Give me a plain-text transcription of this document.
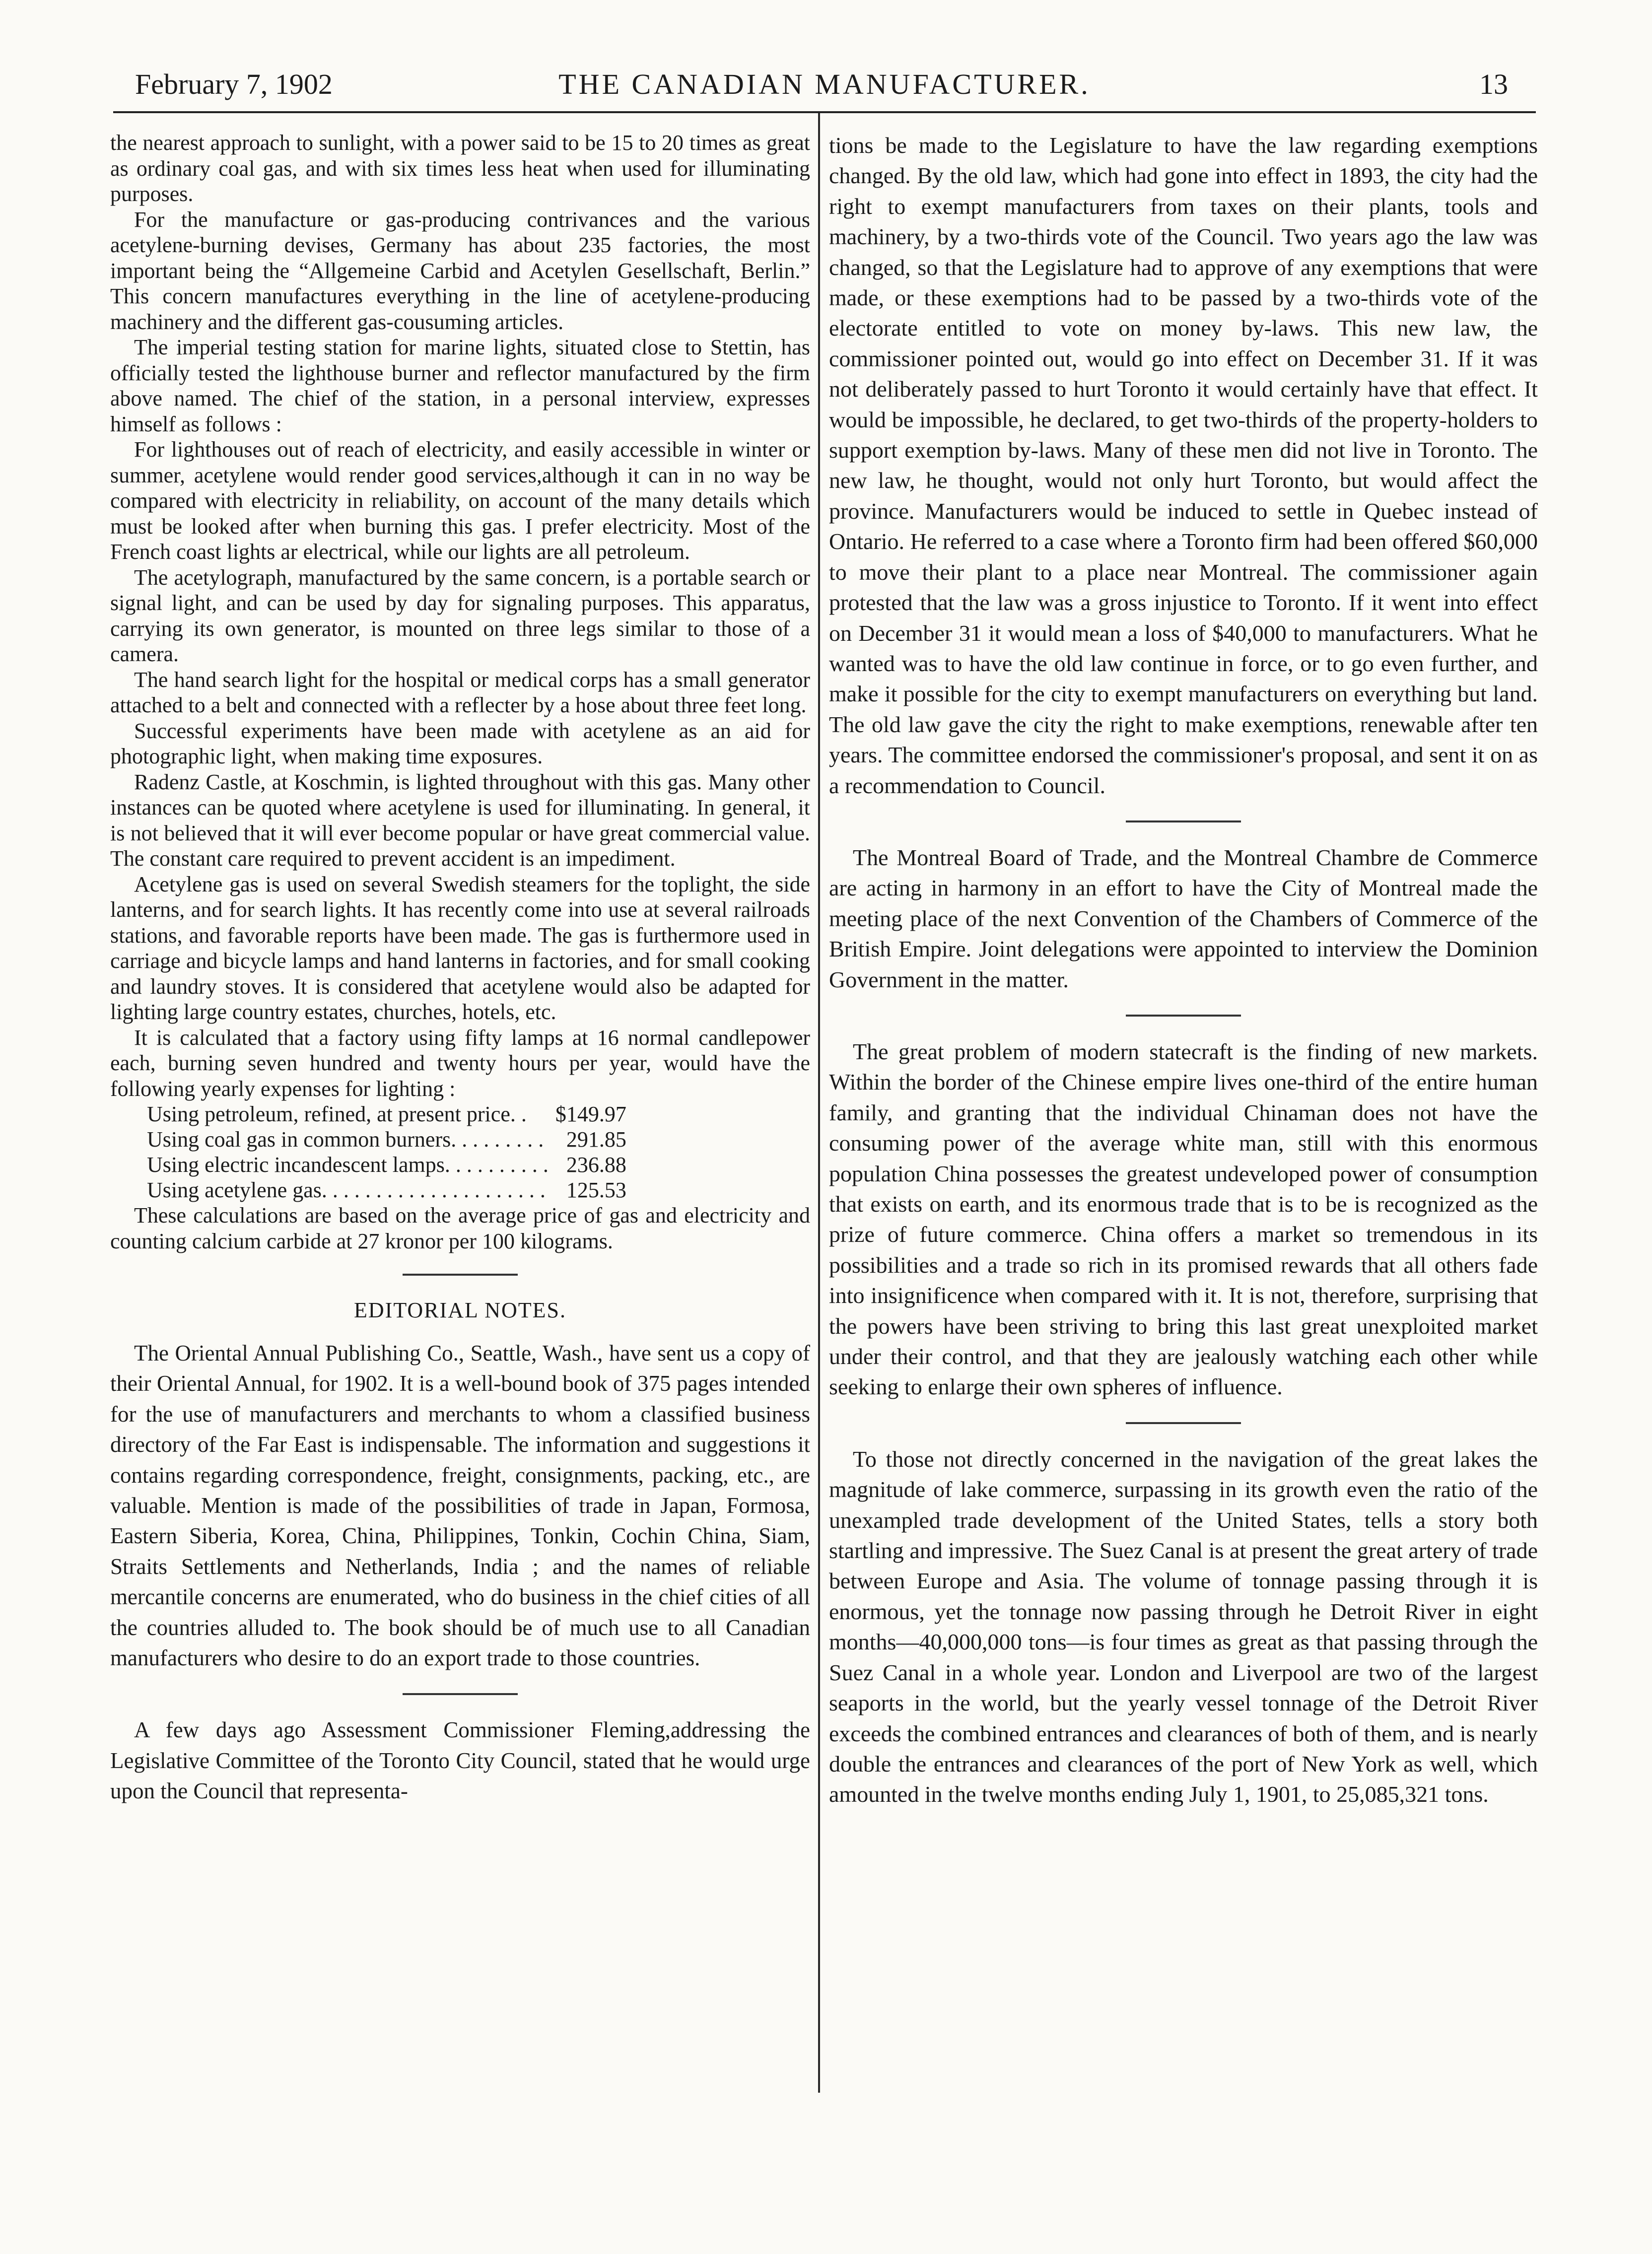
February 7, 1902	THE CANADIAN MANUFACTURER.	13

the nearest approach to sunlight, with a power said to be 15 to 20 times as great as ordinary coal gas, and with six times less heat when used for illuminating purposes.

For the manufacture or gas-producing contrivances and the various acetylene-burning devises, Germany has about 235 factories, the most important being the “Allgemeine Carbid and Acetylen Gesellschaft, Berlin.” This concern manufactures everything in the line of acetylene-producing machinery and the different gas-cousuming articles.

The imperial testing station for marine lights, situated close to Stettin, has officially tested the lighthouse burner and reflector manufactured by the firm above named. The chief of the station, in a personal interview, expresses himself as follows :

For lighthouses out of reach of electricity, and easily accessible in winter or summer, acetylene would render good services,although it can in no way be compared with electricity in reliability, on account of the many details which must be looked after when burning this gas. I prefer electricity. Most of the French coast lights ar electrical, while our lights are all petroleum.

The acetylograph, manufactured by the same concern, is a portable search or signal light, and can be used by day for signaling purposes. This apparatus, carrying its own generator, is mounted on three legs similar to those of a camera.

The hand search light for the hospital or medical corps has a small generator attached to a belt and connected with a reflecter by a hose about three feet long.

Successful experiments have been made with acetylene as an aid for photographic light, when making time exposures.

Radenz Castle, at Koschmin, is lighted throughout with this gas. Many other instances can be quoted where acetylene is used for illuminating. In general, it is not believed that it will ever become popular or have great commercial value. The constant care required to prevent accident is an impediment.

Acetylene gas is used on several Swedish steamers for the toplight, the side lanterns, and for search lights. It has recently come into use at several railroads stations, and favorable reports have been made. The gas is furthermore used in carriage and bicycle lamps and hand lanterns in factories, and for small cooking and laundry stoves. It is considered that acetylene would also be adapted for lighting large country estates, churches, hotels, etc.

It is calculated that a factory using fifty lamps at 16 normal candlepower each, burning seven hundred and twenty hours per year, would have the following yearly expenses for lighting :

Using petroleum, refined, at present price. .	$149.97
Using coal gas in common burners. . . . . . . . .	291.85
Using electric incandescent lamps. . . . . . . . . .	236.88
Using acetylene gas. . . . . . . . . . . . . . . . . . . . .	125.53

These calculations are based on the average price of gas and electricity and counting calcium carbide at 27 kronor per 100 kilograms.

EDITORIAL NOTES.

The Oriental Annual Publishing Co., Seattle, Wash., have sent us a copy of their Oriental Annual, for 1902. It is a well-bound book of 375 pages intended for the use of manufacturers and merchants to whom a classified business directory of the Far East is indispensable. The information and suggestions it contains regarding correspondence, freight, consignments, packing, etc., are valuable. Mention is made of the possibilities of trade in Japan, Formosa, Eastern Siberia, Korea, China, Philippines, Tonkin, Cochin China, Siam, Straits Settlements and Netherlands, India ; and the names of reliable mercantile concerns are enumerated, who do business in the chief cities of all the countries alluded to. The book should be of much use to all Canadian manufacturers who desire to do an export trade to those countries.

A few days ago Assessment Commissioner Fleming,addressing the Legislative Committee of the Toronto City Council, stated that he would urge upon the Council that representa-

tions be made to the Legislature to have the law regarding exemptions changed. By the old law, which had gone into effect in 1893, the city had the right to exempt manufacturers from taxes on their plants, tools and machinery, by a two-thirds vote of the Council. Two years ago the law was changed, so that the Legislature had to approve of any exemptions that were made, or these exemptions had to be passed by a two-thirds vote of the electorate entitled to vote on money by-laws. This new law, the commissioner pointed out, would go into effect on December 31. If it was not deliberately passed to hurt Toronto it would certainly have that effect. It would be impossible, he declared, to get two-thirds of the property-holders to support exemption by-laws. Many of these men did not live in Toronto. The new law, he thought, would not only hurt Toronto, but would affect the province. Manufacturers would be induced to settle in Quebec instead of Ontario. He referred to a case where a Toronto firm had been offered $60,000 to move their plant to a place near Montreal. The commissioner again protested that the law was a gross injustice to Toronto. If it went into effect on December 31 it would mean a loss of $40,000 to manufacturers. What he wanted was to have the old law continue in force, or to go even further, and make it possible for the city to exempt manufacturers on everything but land. The old law gave the city the right to make exemptions, renewable after ten years. The committee endorsed the commissioner's proposal, and sent it on as a recommendation to Council.

The Montreal Board of Trade, and the Montreal Chambre de Commerce are acting in harmony in an effort to have the City of Montreal made the meeting place of the next Convention of the Chambers of Commerce of the British Empire. Joint delegations were appointed to interview the Dominion Government in the matter.

The great problem of modern statecraft is the finding of new markets. Within the border of the Chinese empire lives one-third of the entire human family, and granting that the individual Chinaman does not have the consuming power of the average white man, still with this enormous population China possesses the greatest undeveloped power of consumption that exists on earth, and its enormous trade that is to be is recognized as the prize of future commerce. China offers a market so tremendous in its possibilities and a trade so rich in its promised rewards that all others fade into insignificence when compared with it. It is not, therefore, surprising that the powers have been striving to bring this last great unexploited market under their control, and that they are jealously watching each other while seeking to enlarge their own spheres of influence.

To those not directly concerned in the navigation of the great lakes the magnitude of lake commerce, surpassing in its growth even the ratio of the unexampled trade development of the United States, tells a story both startling and impressive. The Suez Canal is at present the great artery of trade between Europe and Asia. The volume of tonnage passing through it is enormous, yet the tonnage now passing through he Detroit River in eight months—40,000,000 tons—is four times as great as that passing through the Suez Canal in a whole year. London and Liverpool are two of the largest seaports in the world, but the yearly vessel tonnage of the Detroit River exceeds the combined entrances and clearances of both of them, and is nearly double the entrances and clearances of the port of New York as well, which amounted in the twelve months ending July 1, 1901, to 25,085,321 tons.
